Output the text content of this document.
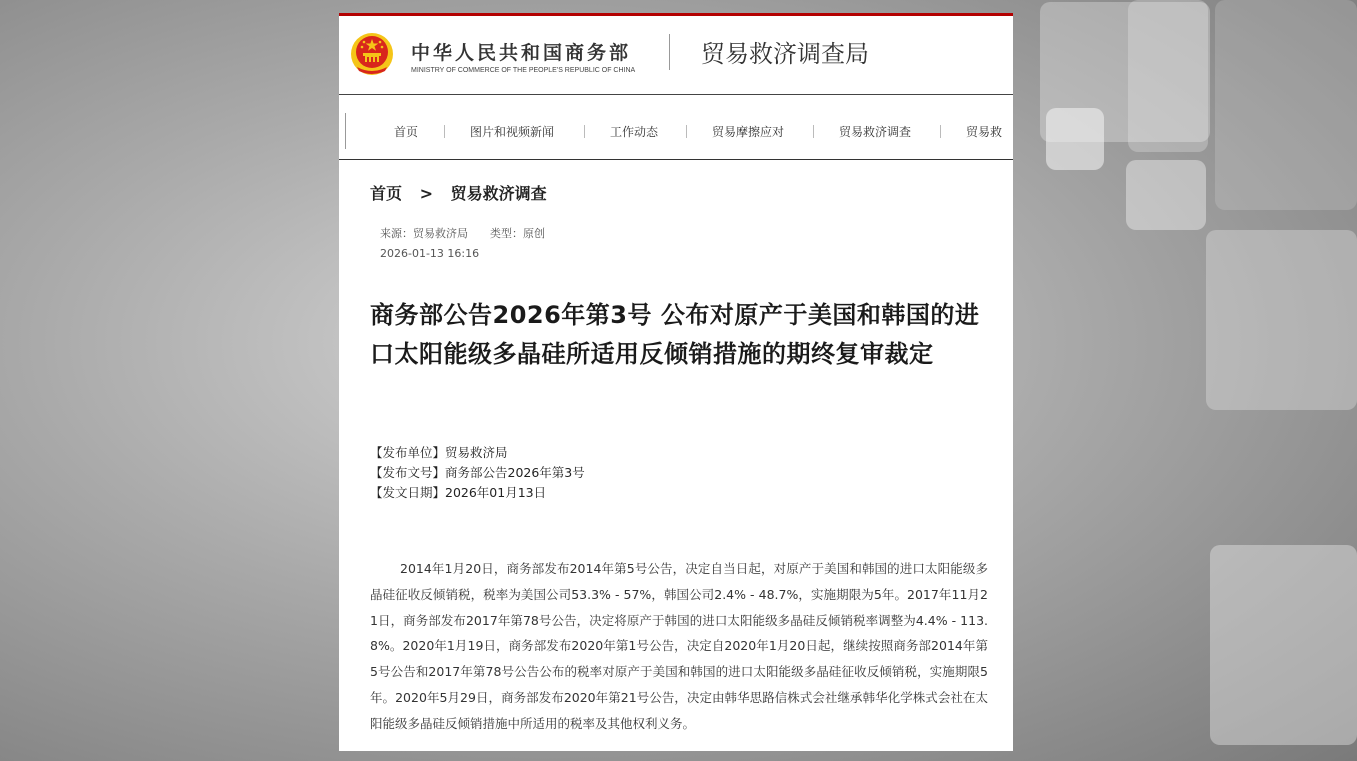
中华人民共和国商务部
MINISTRY OF COMMERCE OF THE PEOPLE'S REPUBLIC OF CHINA
贸易救济调查局
首页	图片和视频新闻	工作动态	贸易摩擦应对	贸易救济调查	贸易救
首页 > 贸易救济调查
来源：贸易救济局 类型：原创
2026-01-13 16:16
商务部公告2026年第3号 公布对原产于美国和韩国的进口太阳能级多晶硅所适用反倾销措施的期终复审裁定
【发布单位】贸易救济局
【发布文号】商务部公告2026年第3号
【发文日期】2026年01月13日
2014年1月20日，商务部发布2014年第5号公告，决定自当日起，对原产于美国和韩国的进口太阳能级多晶硅征收反倾销税，税率为美国公司53.3% - 57%，韩国公司2.4% - 48.7%，实施期限为5年。2017年11月21日，商务部发布2017年第78号公告，决定将原产于韩国的进口太阳能级多晶硅反倾销税率调整为4.4% - 113.8%。2020年1月19日，商务部发布2020年第1号公告，决定自2020年1月20日起，继续按照商务部2014年第5号公告和2017年第78号公告公布的税率对原产于美国和韩国的进口太阳能级多晶硅征收反倾销税，实施期限5年。2020年5月29日，商务部发布2020年第21号公告，决定由韩华思路信株式会社继承韩华化学株式会社在太阳能级多晶硅反倾销措施中所适用的税率及其他权利义务。
